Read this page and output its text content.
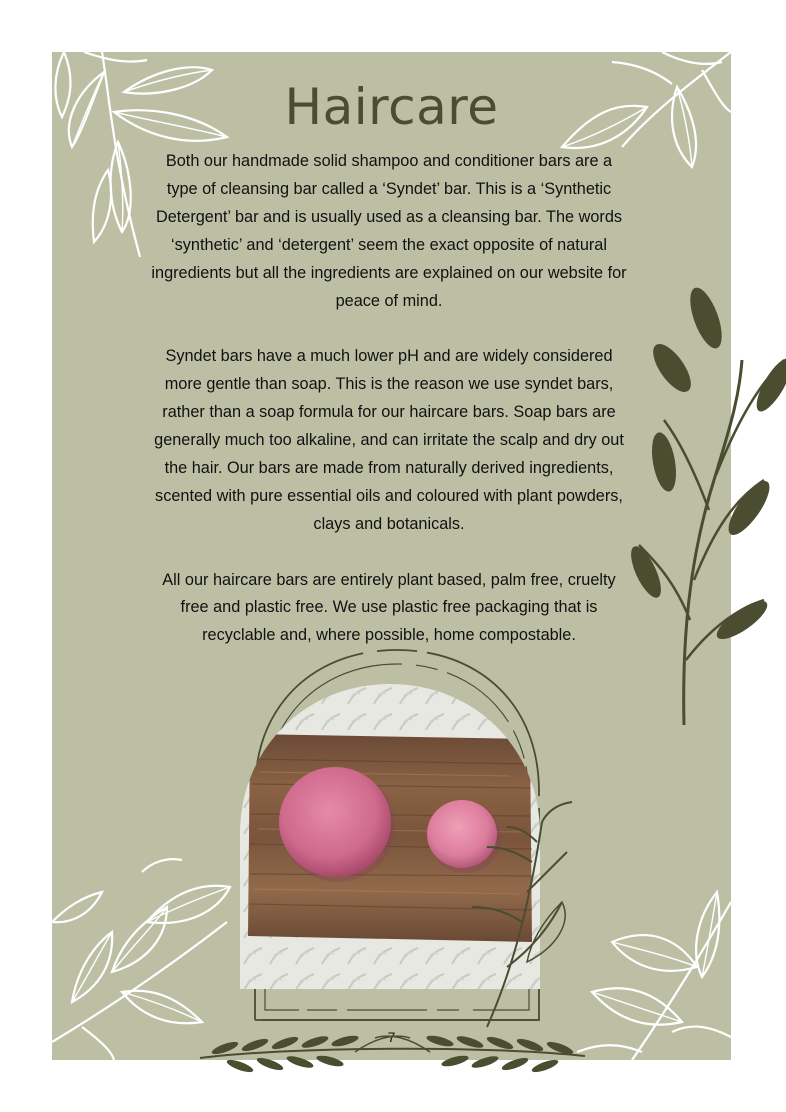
Haircare

Both our handmade solid shampoo and conditioner bars are a type of cleansing bar called a ‘Syndet’ bar. This is a ‘Synthetic Detergent’ bar and is usually used as a cleansing bar. The words ‘synthetic’ and ‘detergent’ seem the exact opposite of natural ingredients but all the ingredients are explained on our website for peace of mind.

Syndet bars have a much lower pH and are widely considered more gentle than soap. This is the reason we use syndet bars, rather than a soap formula for our haircare bars. Soap bars are generally much too alkaline, and can irritate the scalp and dry out the hair. Our bars are made from naturally derived ingredients, scented with pure essential oils and coloured with plant powders, clays and botanicals.

All our haircare bars are entirely plant based, palm free, cruelty free and plastic free. We use plastic free packaging that is recyclable and, where possible, home compostable.

7
